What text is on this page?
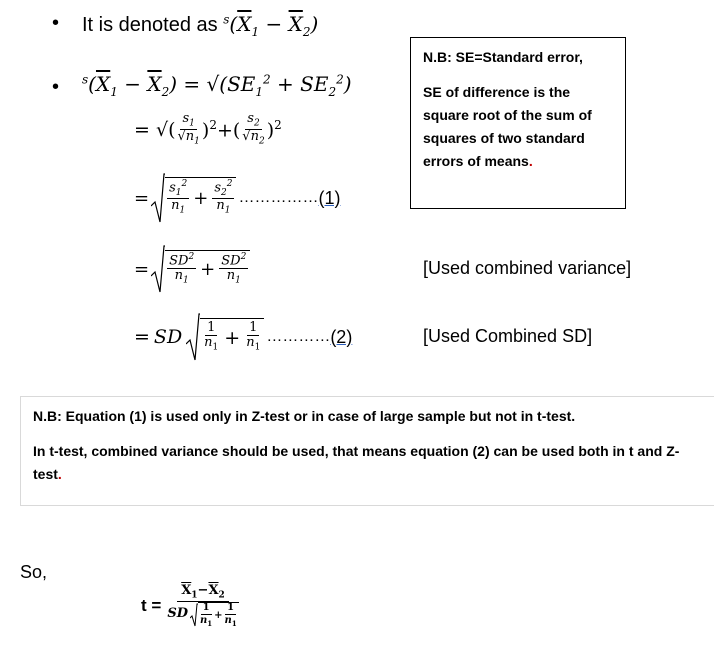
• It is denoted as $^s(\overline{X}_1 - \overline{X}_2)$
• $^s(\overline{X}_1 - \overline{X}_2) = √(SE_1^2 + SE_2^2)$
= √( $\frac{s_1}{√n_1} )^2+( \frac{s_2}{√n_2} )^2$
= $\frac{s_1^2}{n_1} + \frac{s_2^2}{n_1}$ …………… (1)
= $\frac{SD^2}{n_1} + \frac{SD^2}{n_1}$	[Used combined variance]
= SD $\frac{1}{n_1} + \frac{1}{n_1}$ ………… (2)	[Used Combined SD]
N.B: SE=Standard error,
SE of difference is the square root of the sum of squares of two standard errors of means.
N.B: Equation (1) is used only in Z-test or in case of large sample but not in t-test.
In t-test, combined variance should be used, that means equation (2) can be used both in t and Z-test.
So,
$t = \frac{\overline{X}_1-\overline{X}_2}{SD \frac{1}{n_1} + \frac{1}{n_1}}$
